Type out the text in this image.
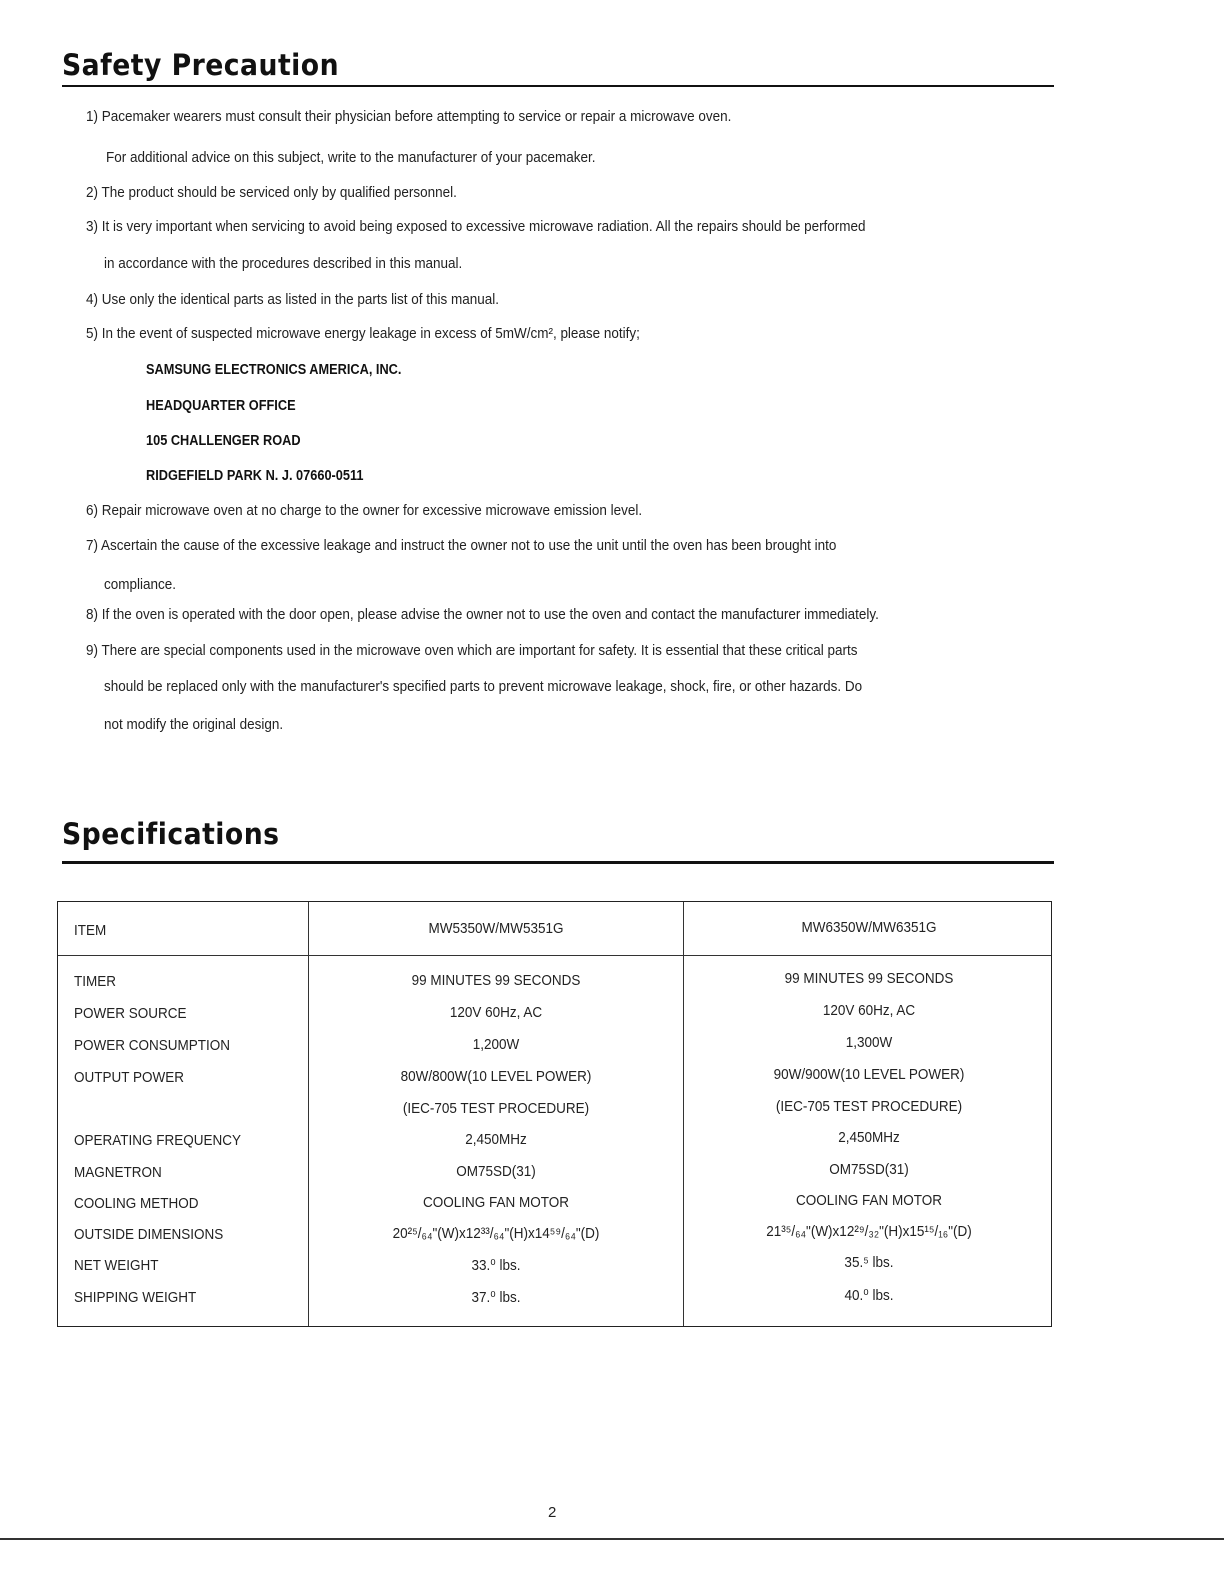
Safety Precaution
1) Pacemaker wearers must consult their physician before attempting to service or repair a microwave oven.
For additional advice on this subject, write to the manufacturer of your pacemaker.
2) The product should be serviced only by qualified personnel.
3) It is very important when servicing to avoid being exposed to excessive microwave radiation. All the repairs should be performed
in accordance with the procedures described in this manual.
4) Use only the identical parts as listed in the parts list of this manual.
5) In the event of suspected microwave energy leakage in excess of 5mW/cm², please notify;
SAMSUNG ELECTRONICS AMERICA, INC.
HEADQUARTER OFFICE
105 CHALLENGER ROAD
RIDGEFIELD PARK N. J. 07660-0511
6) Repair microwave oven at no charge to the owner for excessive microwave emission level.
7) Ascertain the cause of the excessive leakage and instruct the owner not to use the unit until the oven has been brought into
compliance.
8) If the oven is operated with the door open, please advise the owner not to use the oven and contact the manufacturer immediately.
9) There are special components used in the microwave oven which are important for safety. It is essential that these critical parts
should be replaced only with the manufacturer's specified parts to prevent microwave leakage, shock, fire, or other hazards. Do
not modify the original design.
Specifications
ITEM	MW5350W/MW5351G	MW6350W/MW6351G
TIMER	99 MINUTES 99 SECONDS	99 MINUTES 99 SECONDS
POWER SOURCE	120V 60Hz, AC	120V 60Hz, AC
POWER CONSUMPTION	1,200W	1,300W
OUTPUT POWER	80W/800W(10 LEVEL POWER)	90W/900W(10 LEVEL POWER)
(IEC-705 TEST PROCEDURE)	(IEC-705 TEST PROCEDURE)
OPERATING FREQUENCY	2,450MHz	2,450MHz
MAGNETRON	OM75SD(31)	OM75SD(31)
COOLING METHOD	COOLING FAN MOTOR	COOLING FAN MOTOR
OUTSIDE DIMENSIONS	20²⁵/₆₄"(W)x12³³/₆₄"(H)x14⁵⁹/₆₄"(D)	21³⁵/₆₄"(W)x12²⁹/₃₂"(H)x15¹⁵/₁₆"(D)
NET WEIGHT	33.⁰ lbs.	35.⁵ lbs.
SHIPPING WEIGHT	37.⁰ lbs.	40.⁰ lbs.
2
